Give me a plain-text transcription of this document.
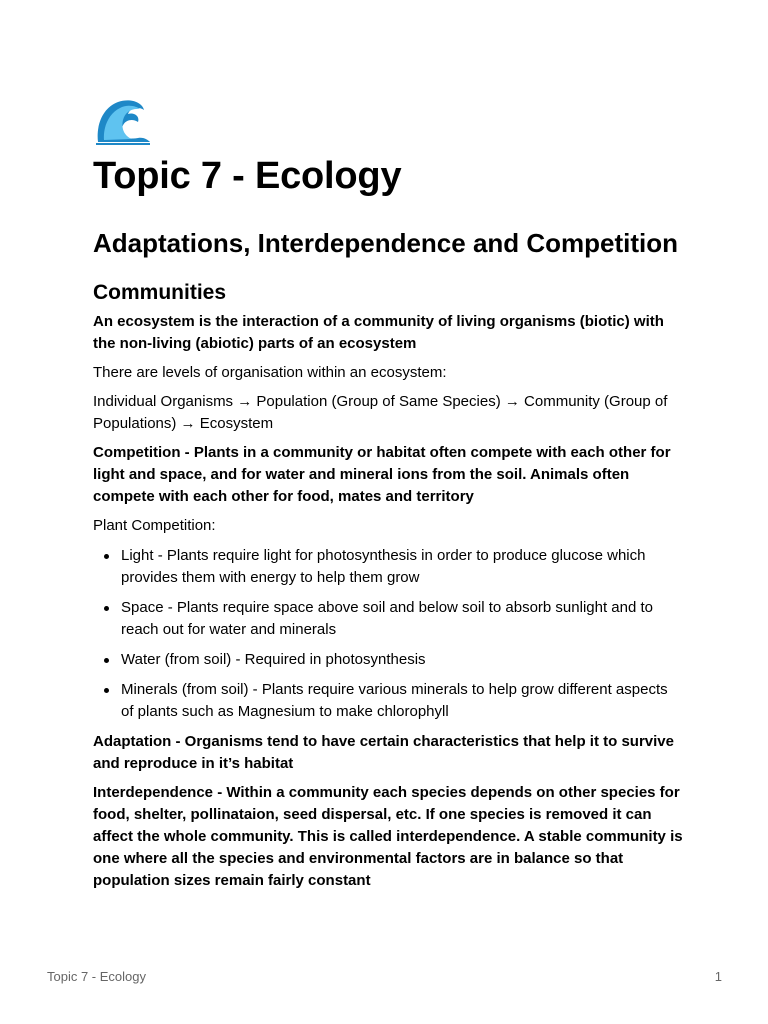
Topic 7 - Ecology
Adaptations, Interdependence and Competition
Communities

An ecosystem is the interaction of a community of living organisms (biotic) with the non-living (abiotic) parts of an ecosystem

There are levels of organisation within an ecosystem:

Individual Organisms → Population (Group of Same Species) → Community (Group of Populations) → Ecosystem

Competition - Plants in a community or habitat often compete with each other for light and space, and for water and mineral ions from the soil. Animals often compete with each other for food, mates and territory

Plant Competition:

Light - Plants require light for photosynthesis in order to produce glucose which provides them with energy to help them grow
Space - Plants require space above soil and below soil to absorb sunlight and to reach out for water and minerals
Water (from soil) - Required in photosynthesis
Minerals (from soil) - Plants require various minerals to help grow different aspects of plants such as Magnesium to make chlorophyll

Adaptation - Organisms tend to have certain characteristics that help it to survive and reproduce in it’s habitat

Interdependence - Within a community each species depends on other species for food, shelter, pollinataion, seed dispersal, etc. If one species is removed it can affect the whole community. This is called interdependence. A stable community is one where all the species and environmental factors are in balance so that population sizes remain fairly constant

Topic 7 - Ecology	1
